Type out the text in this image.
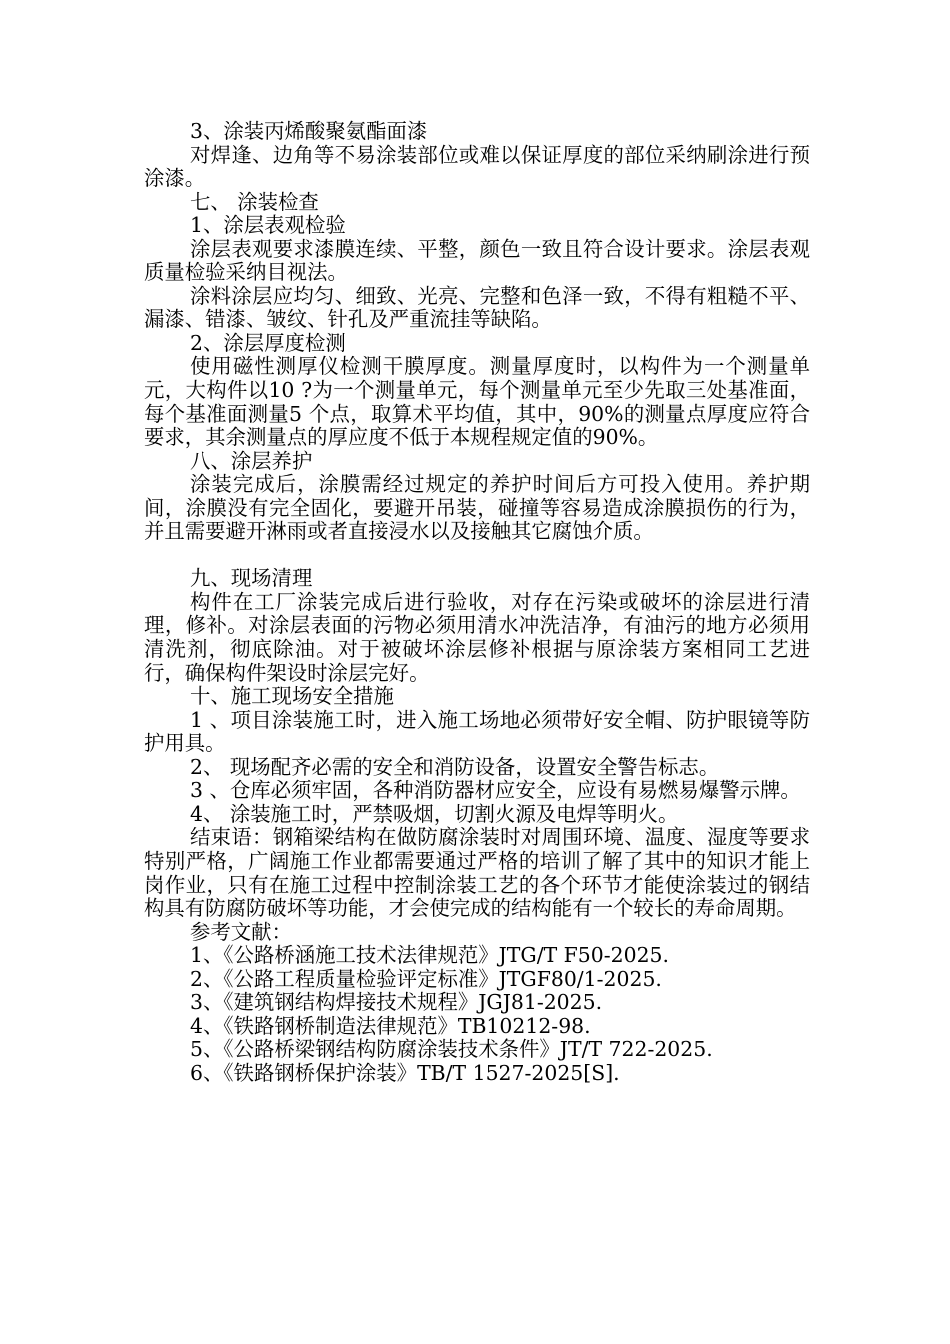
3、涂装丙烯酸聚氨酯面漆

对焊逢、边角等不易涂装部位或难以保证厚度的部位采纳刷涂进行预涂漆。

七、 涂装检查

1、涂层表观检验

涂层表观要求漆膜连续、平整，颜色一致且符合设计要求。涂层表观质量检验采纳目视法。

涂料涂层应均匀、细致、光亮、完整和色泽一致，不得有粗糙不平、漏漆、错漆、皱纹、针孔及严重流挂等缺陷。

2、涂层厚度检测

使用磁性测厚仪检测干膜厚度。测量厚度时，以构件为一个测量单元，大构件以10 ?为一个测量单元，每个测量单元至少先取三处基准面，每个基准面测量5 个点，取算术平均值，其中，90%的测量点厚度应符合要求，其余测量点的厚应度不低于本规程规定值的90%。

八、涂层养护

涂装完成后，涂膜需经过规定的养护时间后方可投入使用。养护期间，涂膜没有完全固化，要避开吊装，碰撞等容易造成涂膜损伤的行为，并且需要避开淋雨或者直接浸水以及接触其它腐蚀介质。

九、现场清理

构件在工厂涂装完成后进行验收，对存在污染或破坏的涂层进行清理，修补。对涂层表面的污物必须用清水冲洗洁净，有油污的地方必须用清洗剂，彻底除油。对于被破坏涂层修补根据与原涂装方案相同工艺进行，确保构件架设时涂层完好。

十、施工现场安全措施

1 、项目涂装施工时，进入施工场地必须带好安全帽、防护眼镜等防护用具。

2、 现场配齐必需的安全和消防设备，设置安全警告标志。

3 、仓库必须牢固，各种消防器材应安全，应设有易燃易爆警示牌。

4、 涂装施工时，严禁吸烟，切割火源及电焊等明火。

结束语：钢箱梁结构在做防腐涂装时对周围环境、温度、湿度等要求特别严格，广阔施工作业都需要通过严格的培训了解了其中的知识才能上岗作业，只有在施工过程中控制涂装工艺的各个环节才能使涂装过的钢结构具有防腐防破坏等功能，才会使完成的结构能有一个较长的寿命周期。

参考文献：

1、《公路桥涵施工技术法律规范》JTG/T F50-2025.

2、《公路工程质量检验评定标准》JTGF80/1-2025.

3、《建筑钢结构焊接技术规程》JGJ81-2025.

4、《铁路钢桥制造法律规范》TB10212-98.

5、《公路桥梁钢结构防腐涂装技术条件》JT/T 722-2025.

6、《铁路钢桥保护涂装》TB/T 1527-2025[S].
